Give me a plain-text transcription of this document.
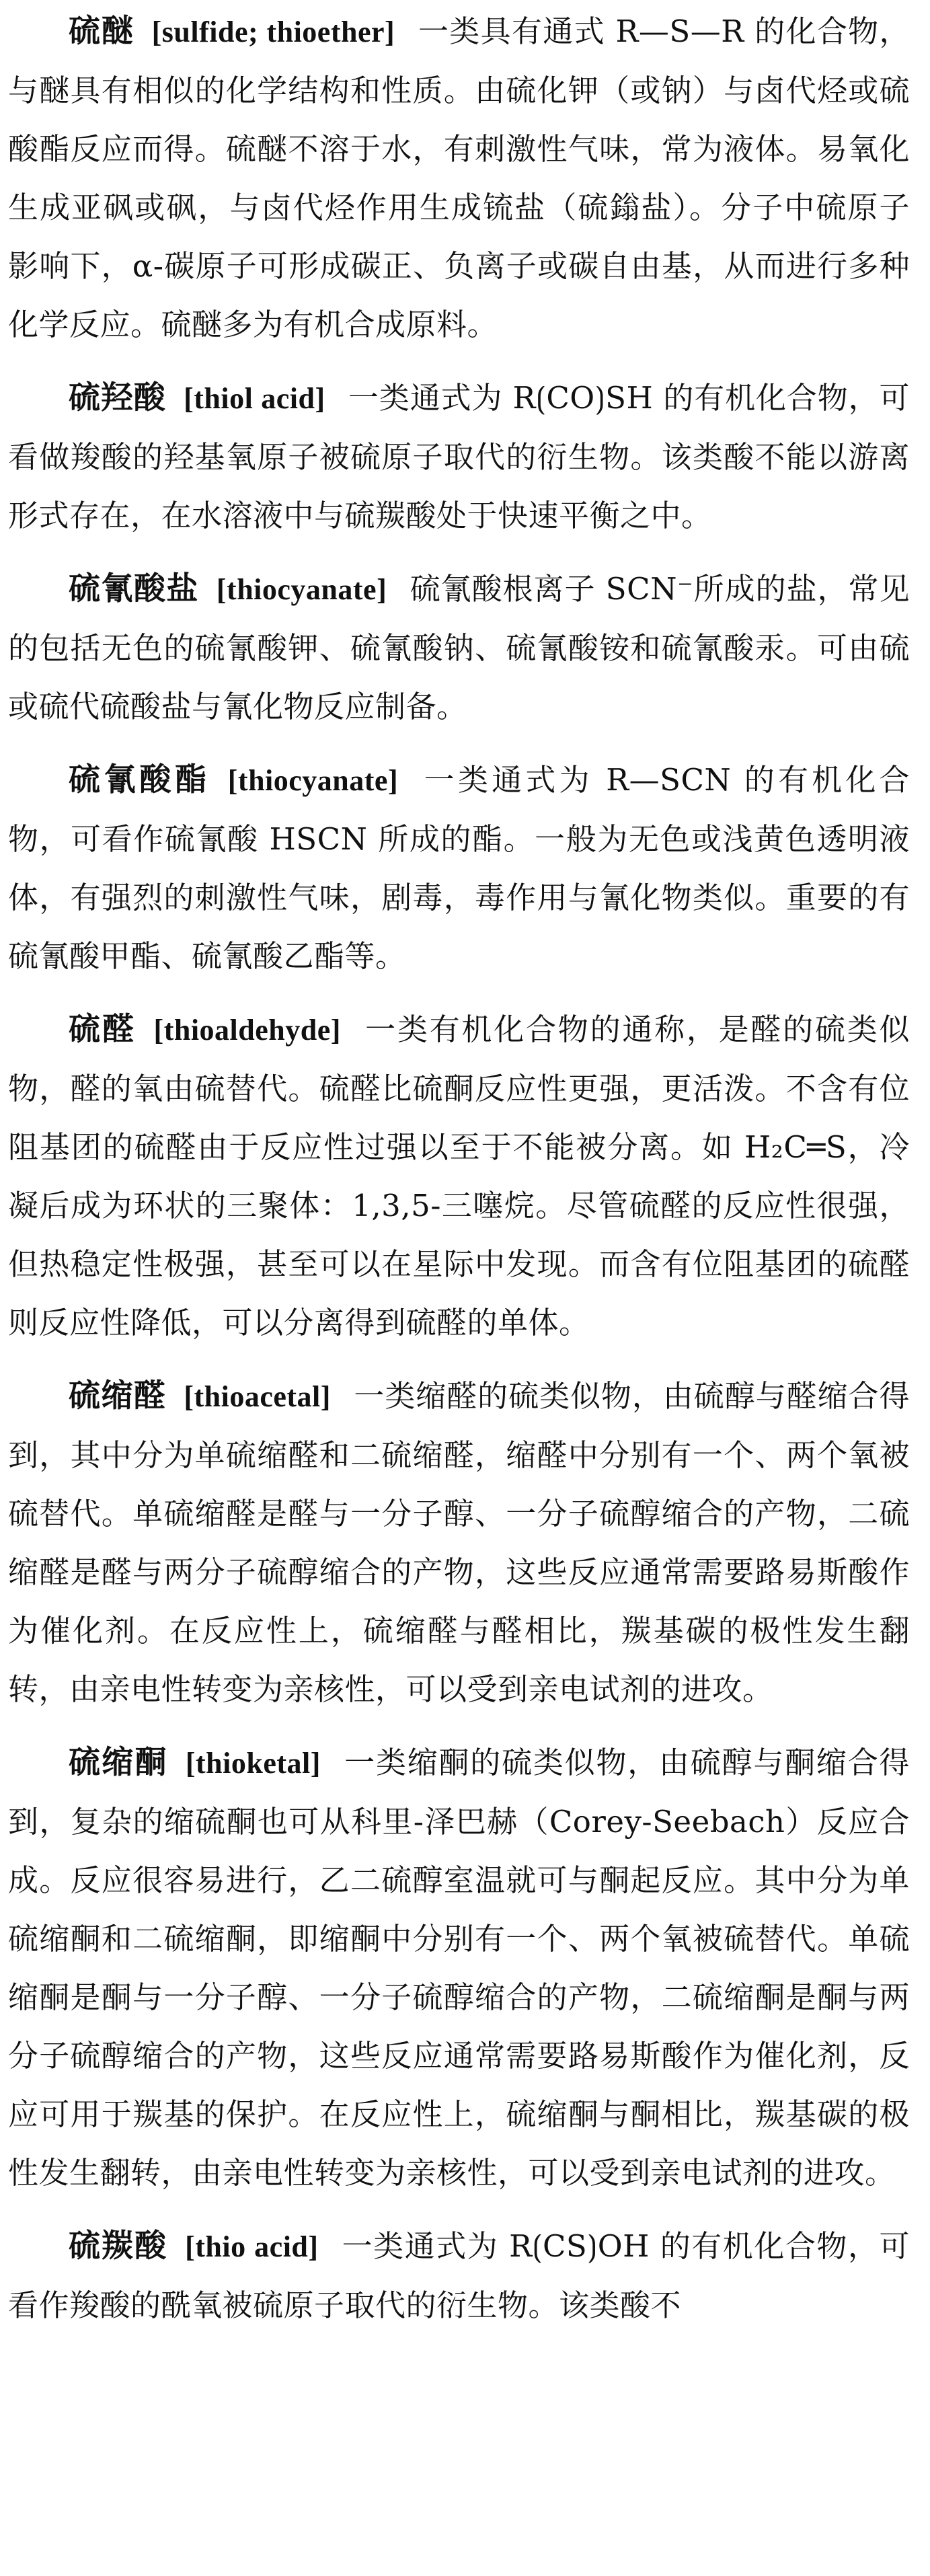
硫醚 [sulfide; thioether] 一类具有通式 R—S—R 的化合物，与醚具有相似的化学结构和性质。由硫化钾（或钠）与卤代烃或硫酸酯反应而得。硫醚不溶于水，有刺激性气味，常为液体。易氧化生成亚砜或砜，与卤代烃作用生成锍盐（硫鎓盐）。分子中硫原子影响下，α-碳原子可形成碳正、负离子或碳自由基，从而进行多种化学反应。硫醚多为有机合成原料。

硫羟酸 [thiol acid] 一类通式为 R⟮CO⟯SH 的有机化合物，可看做羧酸的羟基氧原子被硫原子取代的衍生物。该类酸不能以游离形式存在，在水溶液中与硫羰酸处于快速平衡之中。

硫氰酸盐 [thiocyanate] 硫氰酸根离子 SCN⁻所成的盐，常见的包括无色的硫氰酸钾、硫氰酸钠、硫氰酸铵和硫氰酸汞。可由硫或硫代硫酸盐与氰化物反应制备。

硫氰酸酯 [thiocyanate] 一类通式为 R—SCN 的有机化合物，可看作硫氰酸 HSCN 所成的酯。一般为无色或浅黄色透明液体，有强烈的刺激性气味，剧毒，毒作用与氰化物类似。重要的有硫氰酸甲酯、硫氰酸乙酯等。

硫醛 [thioaldehyde] 一类有机化合物的通称，是醛的硫类似物，醛的氧由硫替代。硫醛比硫酮反应性更强，更活泼。不含有位阻基团的硫醛由于反应性过强以至于不能被分离。如 H₂C═S，冷凝后成为环状的三聚体：1,3,5-三噻烷。尽管硫醛的反应性很强，但热稳定性极强，甚至可以在星际中发现。而含有位阻基团的硫醛则反应性降低，可以分离得到硫醛的单体。

硫缩醛 [thioacetal] 一类缩醛的硫类似物，由硫醇与醛缩合得到，其中分为单硫缩醛和二硫缩醛，缩醛中分别有一个、两个氧被硫替代。单硫缩醛是醛与一分子醇、一分子硫醇缩合的产物，二硫缩醛是醛与两分子硫醇缩合的产物，这些反应通常需要路易斯酸作为催化剂。在反应性上，硫缩醛与醛相比，羰基碳的极性发生翻转，由亲电性转变为亲核性，可以受到亲电试剂的进攻。

硫缩酮 [thioketal] 一类缩酮的硫类似物，由硫醇与酮缩合得到，复杂的缩硫酮也可从科里-泽巴赫（Corey-Seebach）反应合成。反应很容易进行，乙二硫醇室温就可与酮起反应。其中分为单硫缩酮和二硫缩酮，即缩酮中分别有一个、两个氧被硫替代。单硫缩酮是酮与一分子醇、一分子硫醇缩合的产物，二硫缩酮是酮与两分子硫醇缩合的产物，这些反应通常需要路易斯酸作为催化剂，反应可用于羰基的保护。在反应性上，硫缩酮与酮相比，羰基碳的极性发生翻转，由亲电性转变为亲核性，可以受到亲电试剂的进攻。

硫羰酸 [thio acid] 一类通式为 R⟮CS⟯OH 的有机化合物，可看作羧酸的酰氧被硫原子取代的衍生物。该类酸不
